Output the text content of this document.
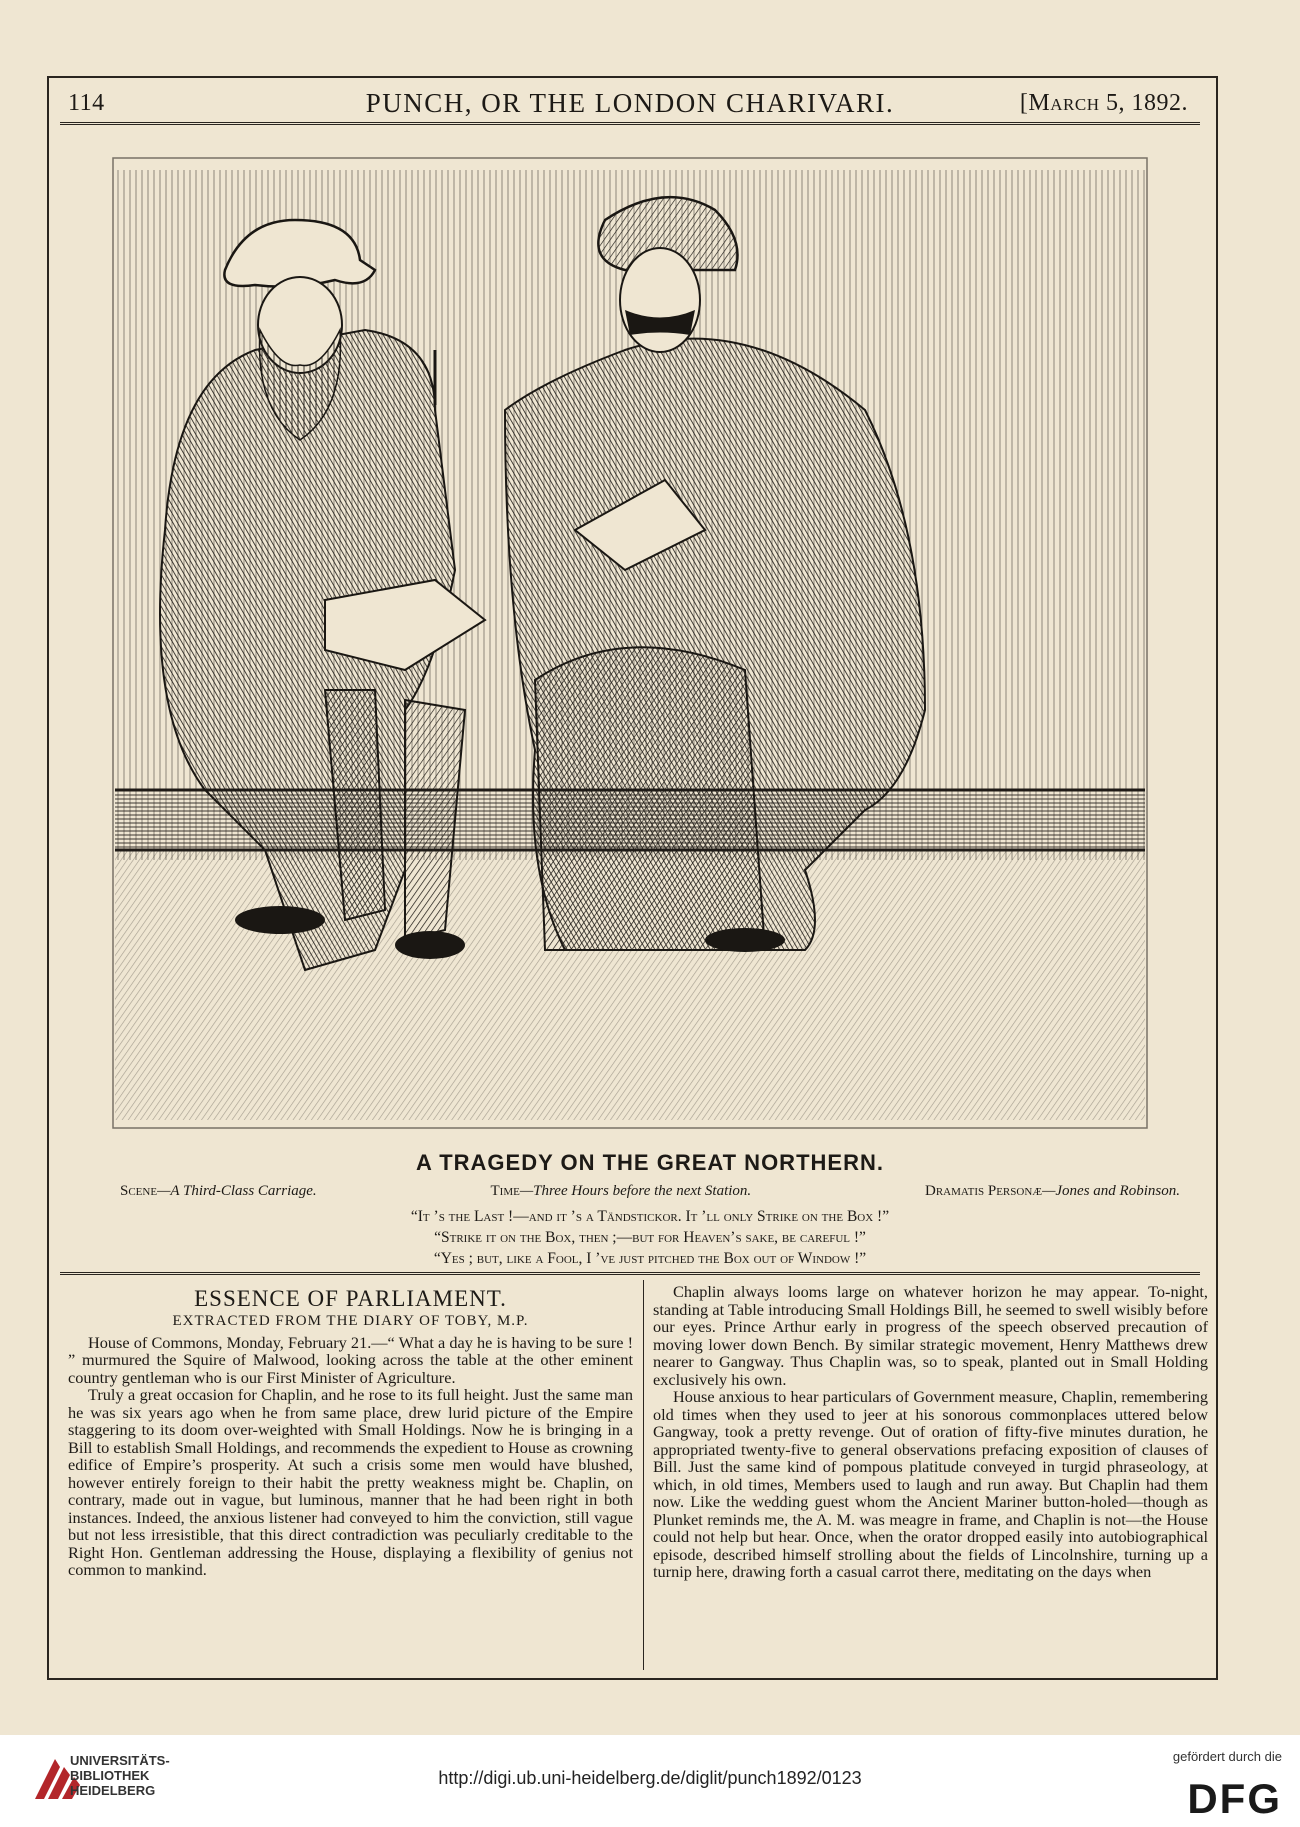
114	PUNCH, OR THE LONDON CHARIVARI.	[March 5, 1892.
A TRAGEDY ON THE GREAT NORTHERN.
Scene—A Third-Class Carriage.	Time—Three Hours before the next Station.	Dramatis Personæ—Jones and Robinson.
“It ’s the Last !—and it ’s a Tändstickor. It ’ll only Strike on the Box !”
“Strike it on the Box, then ;—but for Heaven’s sake, be careful !”
“Yes ; but, like a Fool, I ’ve just pitched the Box out of Window !”

ESSENCE OF PARLIAMENT.

EXTRACTED FROM THE DIARY OF TOBY, M.P.

House of Commons, Monday, February 21.—“ What a day he is having to be sure ! ” murmured the Squire of Malwood, looking across the table at the other eminent country gentleman who is our First Minister of Agriculture.

Truly a great occasion for Chaplin, and he rose to its full height. Just the same man he was six years ago when he from same place, drew lurid picture of the Empire staggering to its doom over-weighted with Small Holdings. Now he is bringing in a Bill to establish Small Holdings, and recommends the expedient to House as crowning edifice of Empire’s prosperity. At such a crisis some men would have blushed, however entirely foreign to their habit the pretty weakness might be. Chaplin, on contrary, made out in vague, but luminous, manner that he had been right in both instances. Indeed, the anxious listener had conveyed to him the conviction, still vague but not less irresistible, that this direct contradiction was peculiarly creditable to the Right Hon. Gentleman addressing the House, displaying a flexibility of genius not common to mankind.

Chaplin always looms large on whatever horizon he may appear. To-night, standing at Table introducing Small Holdings Bill, he seemed to swell wisibly before our eyes. Prince Arthur early in progress of the speech observed precaution of moving lower down Bench. By similar strategic movement, Henry Matthews drew nearer to Gangway. Thus Chaplin was, so to speak, planted out in Small Holding exclusively his own.

House anxious to hear particulars of Government measure, Chaplin, remembering old times when they used to jeer at his sonorous commonplaces uttered below Gangway, took a pretty revenge. Out of oration of fifty-five minutes duration, he appropriated twenty-five to general observations prefacing exposition of clauses of Bill. Just the same kind of pompous platitude conveyed in turgid phraseology, at which, in old times, Members used to laugh and run away. But Chaplin had them now. Like the wedding guest whom the Ancient Mariner button-holed—though as Plunket reminds me, the A. M. was meagre in frame, and Chaplin is not—the House could not help but hear. Once, when the orator dropped easily into autobiographical episode, described himself strolling about the fields of Lincolnshire, turning up a turnip here, drawing forth a casual carrot there, meditating on the days when

UNIVERSITÄTS-
BIBLIOTHEK
HEIDELBERG
http://digi.ub.uni-heidelberg.de/diglit/punch1892/0123
gefördert durch die
DFG
